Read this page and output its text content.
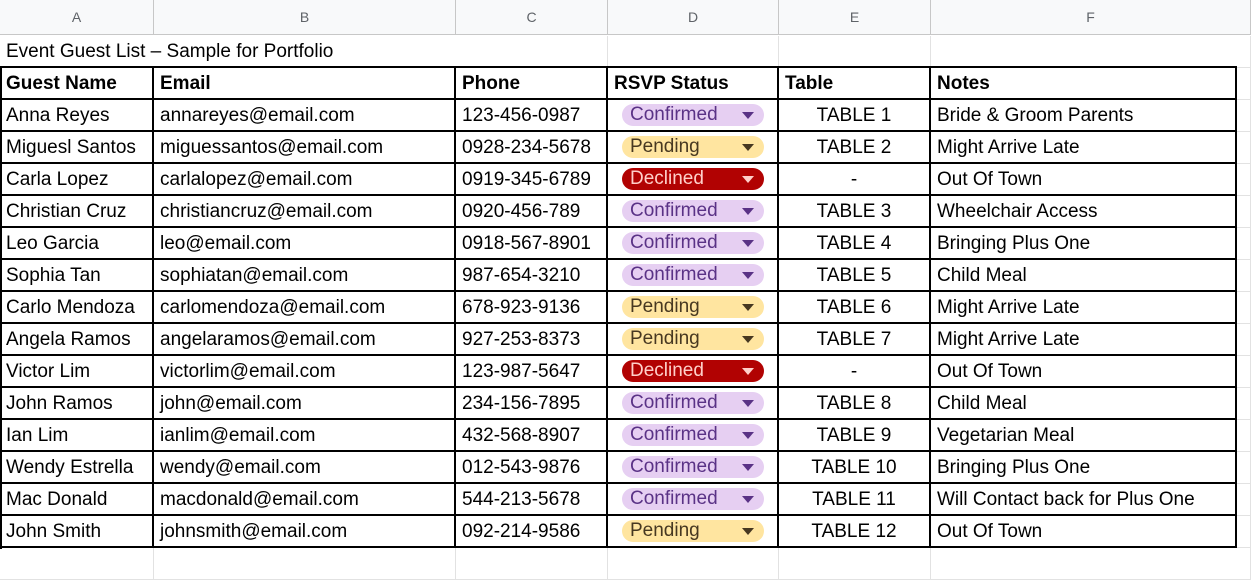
A	B	C	D	E	F
Event Guest List – Sample for Portfolio
Guest Name	Email	Phone	RSVP Status	Table	Notes
Anna Reyes	annareyes@email.com	123-456-0987	Confirmed	TABLE 1	Bride & Groom Parents
Miguesl Santos	miguessantos@email.com	0928-234-5678	Pending	TABLE 2	Might Arrive Late
Carla Lopez	carlalopez@email.com	0919-345-6789	Declined	-	Out Of Town
Christian Cruz	christiancruz@email.com	0920-456-789	Confirmed	TABLE 3	Wheelchair Access
Leo Garcia	leo@email.com	0918-567-8901	Confirmed	TABLE 4	Bringing Plus One
Sophia Tan	sophiatan@email.com	987-654-3210	Confirmed	TABLE 5	Child Meal
Carlo Mendoza	carlomendoza@email.com	678-923-9136	Pending	TABLE 6	Might Arrive Late
Angela Ramos	angelaramos@email.com	927-253-8373	Pending	TABLE 7	Might Arrive Late
Victor Lim	victorlim@email.com	123-987-5647	Declined	-	Out Of Town
John Ramos	john@email.com	234-156-7895	Confirmed	TABLE 8	Child Meal
Ian Lim	ianlim@email.com	432-568-8907	Confirmed	TABLE 9	Vegetarian Meal
Wendy Estrella	wendy@email.com	012-543-9876	Confirmed	TABLE 10	Bringing Plus One
Mac Donald	macdonald@email.com	544-213-5678	Confirmed	TABLE 11	Will Contact back for Plus One
John Smith	johnsmith@email.com	092-214-9586	Pending	TABLE 12	Out Of Town
